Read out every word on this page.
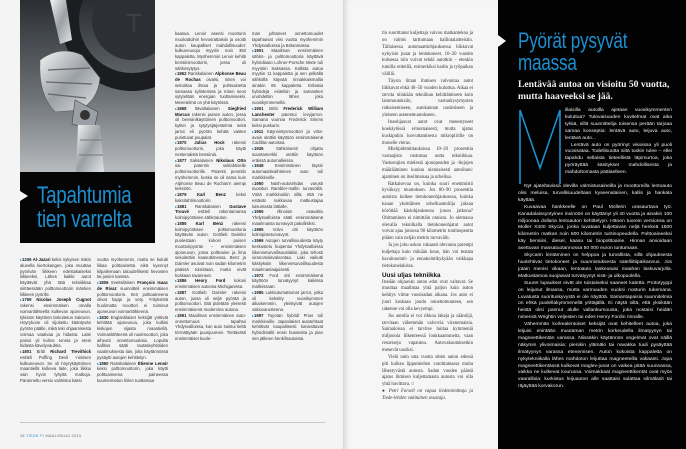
T
Tapahtumia
tien varrelta

▸1206 Al-Jazari keksi nykyisen Irakin alueella kiertokangen, joka muuttaa pyörivän liikkeen edestakaiseksi liikkeeksi. Lähes kaikki autot käyttävät yhä tätä tekniikkaa siirtäessään polttomoottorin mäntien liikkeen pyörille.

▸1769 Nicolas Joseph Cugnot rakensi ensimmäisen omalla voimanlähteellä kulkevan ajoneuvon, tykistön käyttöön tarkoitetun traktorin. Höyrykone oli sijoitettu kääntyvän pyörän päälle, mikä teki ohjaamisesta voimaa vaativaa ja hidasta. Laite painoi yli kolme tonnia ja eteni hidasta kävelyvauhtia.

▸1801 Britti Richard Trevithick esitteli Puffing Devil -nimisen kulkuneuvon. Se oli höyrykäyttöinen maantiellä kulkeva laite, joka liikkui vain hyvin lyhyitä matkoja. Paranneltu versio valmistui kaksi

vuotta myöhemmin, mutta se kulutti liikaa polttoainetta eikä kyennyt kilpailemaan taloudellisesti hevosten tai junien kanssa.

▸1806 Sveitsiläinen François Isaac de Rivaz suunnitteli ensimmäisen polttomoottorin. Sen polttoaineena olivat happi ja vety. Yrityksistä huolimatta moottori ei toiminut ajoneuvon voimanlähteenä.

▸1830 Englantilaiset keksijät yrittivät kehittää ajoneuvoa, joka kulkisi kiskojen sijasta maantiellä. Voimanlähteenä oli ruutimoottori, joka aiheutti onnettomuuksia. Lopulta hallitus sääti rautatieyhtiöiden vaatimuksesta lain, joka käytännössä pysäytti autojen kehittelyn.

▸1860 Ranskalainen Étienne Lenoir keksi polttomoottorin, joka käytti polttoaineena paineessa kuumennetun hiilen tuottamaa

kaasua. Lenoir asensi moottorin muokattuihin hevosrattaisiin ja osoitti auton kaupalliset mahdollisuudet: kulkuneuvoja myytiin noin 350 kappaletta. Myöhemmin Lenoir kehitti bensiinimoottorin, jossa oli sähkösytytys.

▸1862 Ranskalainen Alphonse Beau de Rochas oivalsi, miten voi sekoittaa ilmaa ja polttoainetta samassa sylinterissä ja miten seos sytytetään energian tuottamiseksi. Menetelmä on yhä käytössä.

▸1868 Itävaltalainen Siegfried Marcus rakensi puisen auton, jossa oli bensiinikäyttöinen polttomoottori, kytkin ja sytytysjärjestelmä sekä jarrut eli pyörän kehää vasten puristuvat puupalat.

▸1870 Julius Hock rakensi polttomoottorin, joka käytti nestemäistä bensiiniä.

▸1877 Saksalainen Nikolaus Otto sai patentin nelitahtiselle polttomoottorille. Patentti peruttiin myöhemmin, koska se oli sama kuin Alphonse Beau de Rochas'n aiempi keksintö.

▸1879 Karl Benz keksi kaksitahtimoottorin.

▸1881 Ranskalainen Gustave Trouvé esitteli rakentamansa kolmipyöräisen sähköauton.

▸1885 Karl Benz rakensi kolmipyöräisen polttomoottoria käyttävän auton. Gottlieb Daimler puolestaan kokosi puisen moottoripyörän – ensimmäisen ajoneuvon, jossa polttoaine ja ilma sekoitettiin kaasuttimessa. Benz ja Daimler asuivat noin sadan kilometrin päässä toisistaan, mutta eivät koskaan tavanneet.

▸1886 Henry Ford kokosi ensimmäisen autonsa Michiganissa.

▸1887 Gottlieb Daimler rakensi auton, jossa oli neljä pyörää ja polttomoottori. Sitä pidetään yleisesti ensimmäisenä modernina autona.

▸1891 Maailman ensimmäinen auto-onnettomuus tapahtui Yhdysvalloissa, kun auto suistui tieltä törmättyään puunjuureen. Tiettävästi ensimmäiset kuole-

man johtaneet onnettomuudet tapahtuivat viisi vuotta myöhemmin Yhdysvalloissa ja Britanniassa.

▸1901 Maailman ensimmäinen sähkö- ja polttomoottoria käyttävä hybridiauto Lohner-Porsche Mixte tuli myyntiin Saksassa. Kallista autoa myytiin 11 kappaletta ja sen pelkällä sähköllä käyvää rinnakkaismallia ainakin 65 kappaletta. Erilaisia hybridejä esiteltiin ja samantien unohdettiin lähes joka vuosikymmenellä.

▸1901 Britti Frederick William Lanchester patentoi levyjarrun. Samana vuonna Frederick Simms keksi puskurin.

▸1911 Käynnistysmoottori ja virta-avain otettiin käyttöön ensimmäisenä Cadillac-autoissa.

▸1935	Sähköisesti ohjattu suuntamerkki otettiin käyttöön eräissä automalleissa.

▸1948	Ensimmäinen täysin automaattivaihteinen auto tuli markkinoille.

▸1950 Nash-autotehdas varusti suositun Rambler-mallin turvavöillä. Vöitä markkinoitiin sillä, että ne estävät nukkuvaa matkustajaa luisumasta lattialle.

▸1955	Illinoisin osavaltio Yhdysvalloissa sääti ensimmäisenä maailmassa turvavyöt pakollisiksi.

▸1965 Volvo otti käyttöön kolmipisteturvavyöt.

▸1966 Autojen turvallisuudesta käyty keskustelu huipentui Yhdysvalloissa liikenneturvallisuuslakiin, joka tehosti viranomaisvalvontaa. Laki vaikutti käsityksiin liikenneturvallisuudesta maailmanlaajuisesti.

▸1972 Ford otti ensimmäisenä käyttöön turvatyynyt kaikissa malleissaan.

▸1985 Lukkiutumattomat jarrut, jotka oli keksitty vuosikymmen aikaisemmin, yleistyivät autojen vakiovarusteena.

▸1997 Toyotan hybridi Prius tuli markkinoille. Japanilaiset autotehtaat kehittivät kaupallisesti kannattavat hybridimallit ensin busseista ja pian sen jälkeen henkilöautoista.

28 TIEDE.FI MAALISKUU 2013

tin suorittanut kuljettaja valvoo matkantekoa ja on valmis tarttumaan hallintalaitteisiin. Tällaisessa automaattiohjauksessa liikkuvat nykyisin junat ja lentokoneet. 10–20 vuoden kuluessa niin voivat tehdä autotkin – etenkin tutuilla reiteillä, esimerkiksi kodin ja työpaikan välillä.

Täysin ilman ihmisen valvontaa autot liikkuvat ehkä 40–50 vuoden kuluttua. Aikaa ei tarvita niinkään tekniikan kehittämiseen kuin lainmuutoksiin, vastuukysymysten ratkaisemiseen, autokannan uusimiseen ja yleiseen asennemuutokseen.

Itseohjaavat autot ovat menestyneet koekäytössä erinomaisesti, mutta ajatus kuskipukin luovuttamisesta mikropiirille on monelle vieras.

Mielipidemittauksissa 10–20 prosenttia vastaajista vastustaa uutta tekniikkaa. Vastustajien mielestä ajonopeuden ja -linjojen määrääminen kuuluu olennaisesti autoiluun: ajaminen on itseilmaisua ja urheilua.

Ratkaisevaa on, kuinka suuri enemmistö hyväksyy muutoksen. Jos 80–90 prosenttia autoista kulkee tietokoneohjauksessa, kuinka kauan yksittäinen urheiluautoilija jaksaa köröttää käsiohjauksessa jonon jatkona? Ohittaminen ei nimittäin onnistu. Jo olemassa olevalla tekniikalla tietokoneohjatut autot voivat ajaa jonossa 90 kilometrin tuntinopeutta pitäen vain neljän metrin turvavälit.

Ja jos joku uskoo vakaasti olevansa parempi kuljettaja kuin mikään kone, hän voi testata havainnointi- ja ennakointikykyään vaikkapa tietokonelakissa.

Uusi uljas tekniikka

Itseään ohjaavan auton edut ovat valtavat. Se muuttaa maailmaa yhtä paljon kuin auton kehitys viime vuosisadan aikana. Jos auto ei juuri koskaan joudu onnettomuuteen, sen rakenne voi olla kevyempi.

Jos autolla ei voi rikkoa lakeja ja sääntöjä, tarvitaan vähemmän valvovia viranomaisia. Sairaaloissa ei tarvitse hoitaa kymmeniä miljoonia liikenteessä loukkaantuneita, vaan resursseja vapautuu. Autovakuutuksetkin menevät uusiksi.

Vielä noin sata vuotta sitten auton edessä piti kulkea lippumiehen varoittamassa muita lähestyvästä autosta. Sadan vuoden päästä ajatus ihmisen kuljettamasta autosta voi olla yhtä huvittava. ○

● Petri Forsell on vapaa tiedetoimittaja ja Tiede-lehden vakituinen avustaja.

Pyörät pysyvät
maassa
Lentävää autoa on visioitu 50 vuotta, mutta haaveeksi se jää.
M	illaisilla autoilla ajetaan vuosikymmenten kuluttua? Tulevaisuuden kuvitelmat ovat aika tylsiä, sillä suunnittelija toisensa perään tarjoaa samaa konseptia: lentävä auto, leijuva auto, lentävä auto...

Lentävä auto on pyörinyt visioissa yli puoli vuosisataa. Todellisuutta siitä tuskin tulee – ellei tapahdu sellaista tieteellistä läpimurtoa, joka pyöräyttää käsitykset mahdollisesta ja mahdottomasta päälaelleen.

Nyt ajateltavissa olevilla valmistusaineilla ja moottoreilla lentoauto olisi meluisa, turvallisuudeltaan kyseenalainen, kallis ja hankala käyttää.

Kuvaavaa hankkeelle on Paul Mollerin urasaurtava työ. Kanadalaissyntyinen insinööri on käyttänyt yli 40 vuotta ja ainakin 100 miljoonaa dollaria lentoauton kehittelyyn. Hänen tuorein versionsa on Moller X400 Skycar, jonka luvataan kuljettavan neljä henkeä 1500 kilometrin matkan noin 600 kilometrin tuntinopeudella. Polttoaineeksi käy bensiini, diesel, kaasu tai biopolttoaine. Hinnan arvioidaan asettuvan massatuotannossa 50 000 euron tuntumaan.

Skycarin lentäminen on helppoa ja turvallista, sillä ohjauksesta huolehtivat tietokoneet ja suunnistuksesta satelliittipaikannus. Jos jotain menisi vikaan, lentoauto laskeutuisi maahan laskuvarjolla. Matkustamoa suojaavat turvatyynyt sisä- ja ulkopuolella.

Suuret lupaukset eivät ole toistaiseksi saaneet katetta. Prototyyppi on leijunut ilmassa, mutta varmuuden vuoksi nosturin tukemana. Luvatusta suorituskyvystä ei ole näyttöä. Samantapaisia suunnitelmia on ehkä puolellakymmenellä yrittäjällä. Ei näytä siltä, että yksikään heistä olisi pannut alulle vallankumousta, joka nostaisi heidän nimensä Wrightin veljesten tai edes Henry Fordin rinnalle.

Vähemmän korkealentoiset keksijät ovat kehitelleet autoa, joka leijuisi enintään muutaman metrin korkeudella ilmatyynyn tai magneettikentän varassa. Niissäkin käytännön ongelmat ovat näillä näkymin ylivoimaisia: pienikin ylämäki tai navakka tuuli pysäyttää ilmatyynyn varassa etenemisen. Auton kokoista kappaletta on nykytekniikalla lähes mahdoton leijuttaa magneeteilla vakaasti. Jopa magneettikentässä kulkevat maglev-junat on vaikea pitää suunnassa, vaikka ne kulkevat kourussa. Voimakkaat magneettikentät ovat myös vaarallisia: kurkistus leijuauton alle saattaisi sulattaa silmälasit tai räjäyttää korvakorun.
